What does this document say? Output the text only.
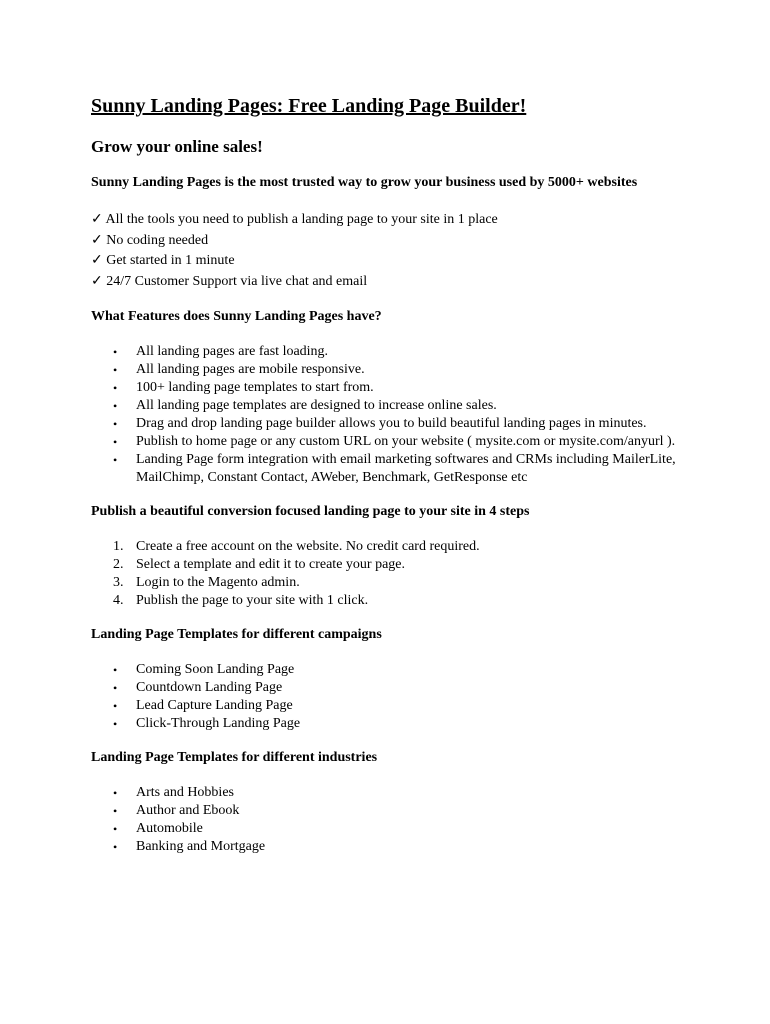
Sunny Landing Pages: Free Landing Page Builder!
Grow your online sales!

Sunny Landing Pages is the most trusted way to grow your business used by 5000+ websites

✓ All the tools you need to publish a landing page to your site in 1 place
✓ No coding needed
✓ Get started in 1 minute
✓ 24/7 Customer Support via live chat and email

What Features does Sunny Landing Pages have?

• All landing pages are fast loading.
• All landing pages are mobile responsive.
• 100+ landing page templates to start from.
• All landing page templates are designed to increase online sales.
• Drag and drop landing page builder allows you to build beautiful landing pages in minutes.
• Publish to home page or any custom URL on your website ( mysite.com or mysite.com/anyurl ).
• Landing Page form integration with email marketing softwares and CRMs including MailerLite, MailChimp, Constant Contact, AWeber, Benchmark, GetResponse etc

Publish a beautiful conversion focused landing page to your site in 4 steps

1. Create a free account on the website. No credit card required.
2. Select a template and edit it to create your page.
3. Login to the Magento admin.
4. Publish the page to your site with 1 click.

Landing Page Templates for different campaigns

• Coming Soon Landing Page
• Countdown Landing Page
• Lead Capture Landing Page
• Click-Through Landing Page

Landing Page Templates for different industries

• Arts and Hobbies
• Author and Ebook
• Automobile
• Banking and Mortgage
